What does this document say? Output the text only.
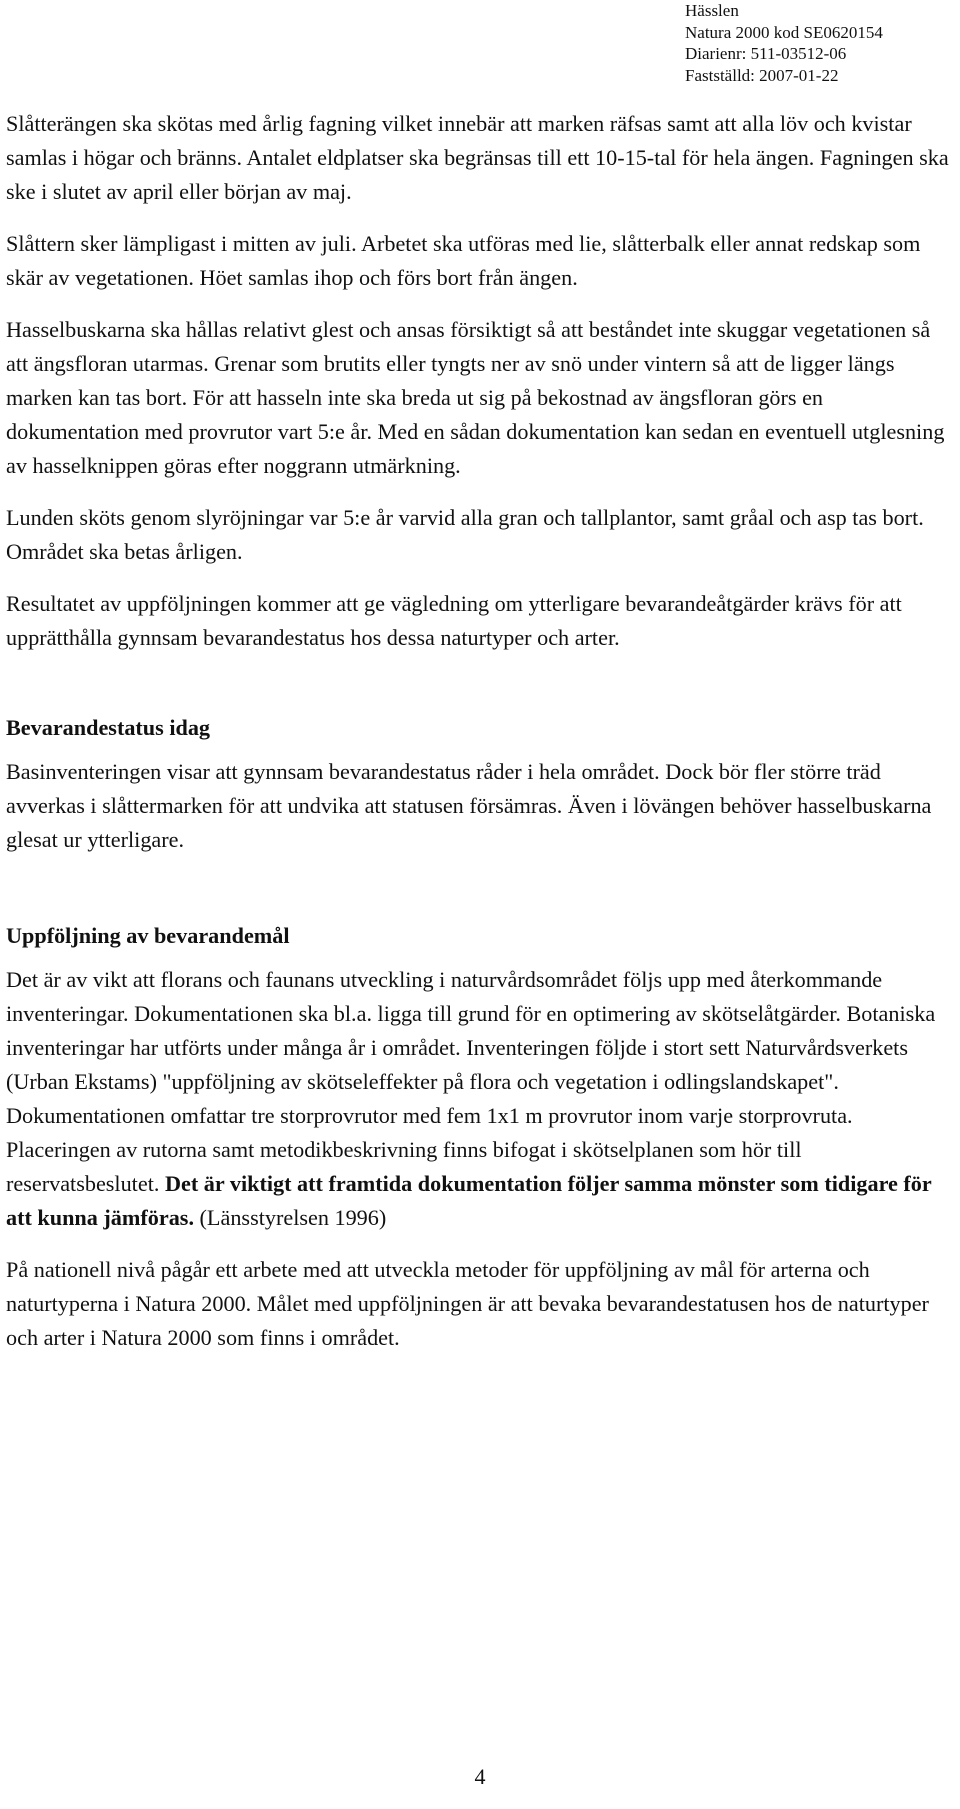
Hässlen
Natura 2000 kod SE0620154
Diarienr: 511-03512-06
Fastställd: 2007-01-22

Slåtterängen ska skötas med årlig fagning vilket innebär att marken räfsas samt att alla löv och kvistar samlas i högar och bränns. Antalet eldplatser ska begränsas till ett 10-15-tal för hela ängen. Fagningen ska ske i slutet av april eller början av maj.

Slåttern sker lämpligast i mitten av juli. Arbetet ska utföras med lie, slåtterbalk eller annat redskap som skär av vegetationen. Höet samlas ihop och förs bort från ängen.

Hasselbuskarna ska hållas relativt glest och ansas försiktigt så att beståndet inte skuggar vegetationen så att ängsfloran utarmas. Grenar som brutits eller tyngts ner av snö under vintern så att de ligger längs marken kan tas bort. För att hasseln inte ska breda ut sig på bekostnad av ängsfloran görs en dokumentation med provrutor vart 5:e år. Med en sådan dokumentation kan sedan en eventuell utglesning av hasselknippen göras efter noggrann utmärkning.

Lunden sköts genom slyröjningar var 5:e år varvid alla gran och tallplantor, samt gråal och asp tas bort. Området ska betas årligen.

Resultatet av uppföljningen kommer att ge vägledning om ytterligare bevarandeåtgärder krävs för att upprätthålla gynnsam bevarandestatus hos dessa naturtyper och arter.

Bevarandestatus idag

Basinventeringen visar att gynnsam bevarandestatus råder i hela området. Dock bör fler större träd avverkas i slåttermarken för att undvika att statusen försämras. Även i lövängen behöver hasselbuskarna glesat ur ytterligare.

Uppföljning av bevarandemål

Det är av vikt att florans och faunans utveckling i naturvårdsområdet följs upp med återkommande inventeringar. Dokumentationen ska bl.a. ligga till grund för en optimering av skötselåtgärder. Botaniska inventeringar har utförts under många år i området. Inventeringen följde i stort sett Naturvårdsverkets (Urban Ekstams) "uppföljning av skötseleffekter på flora och vegetation i odlingslandskapet". Dokumentationen omfattar tre storprovrutor med fem 1x1 m provrutor inom varje storprovruta. Placeringen av rutorna samt metodikbeskrivning finns bifogat i skötselplanen som hör till reservatsbeslutet. Det är viktigt att framtida dokumentation följer samma mönster som tidigare för att kunna jämföras. (Länsstyrelsen 1996)

På nationell nivå pågår ett arbete med att utveckla metoder för uppföljning av mål för arterna och naturtyperna i Natura 2000. Målet med uppföljningen är att bevaka bevarandestatusen hos de naturtyper och arter i Natura 2000 som finns i området.

4
